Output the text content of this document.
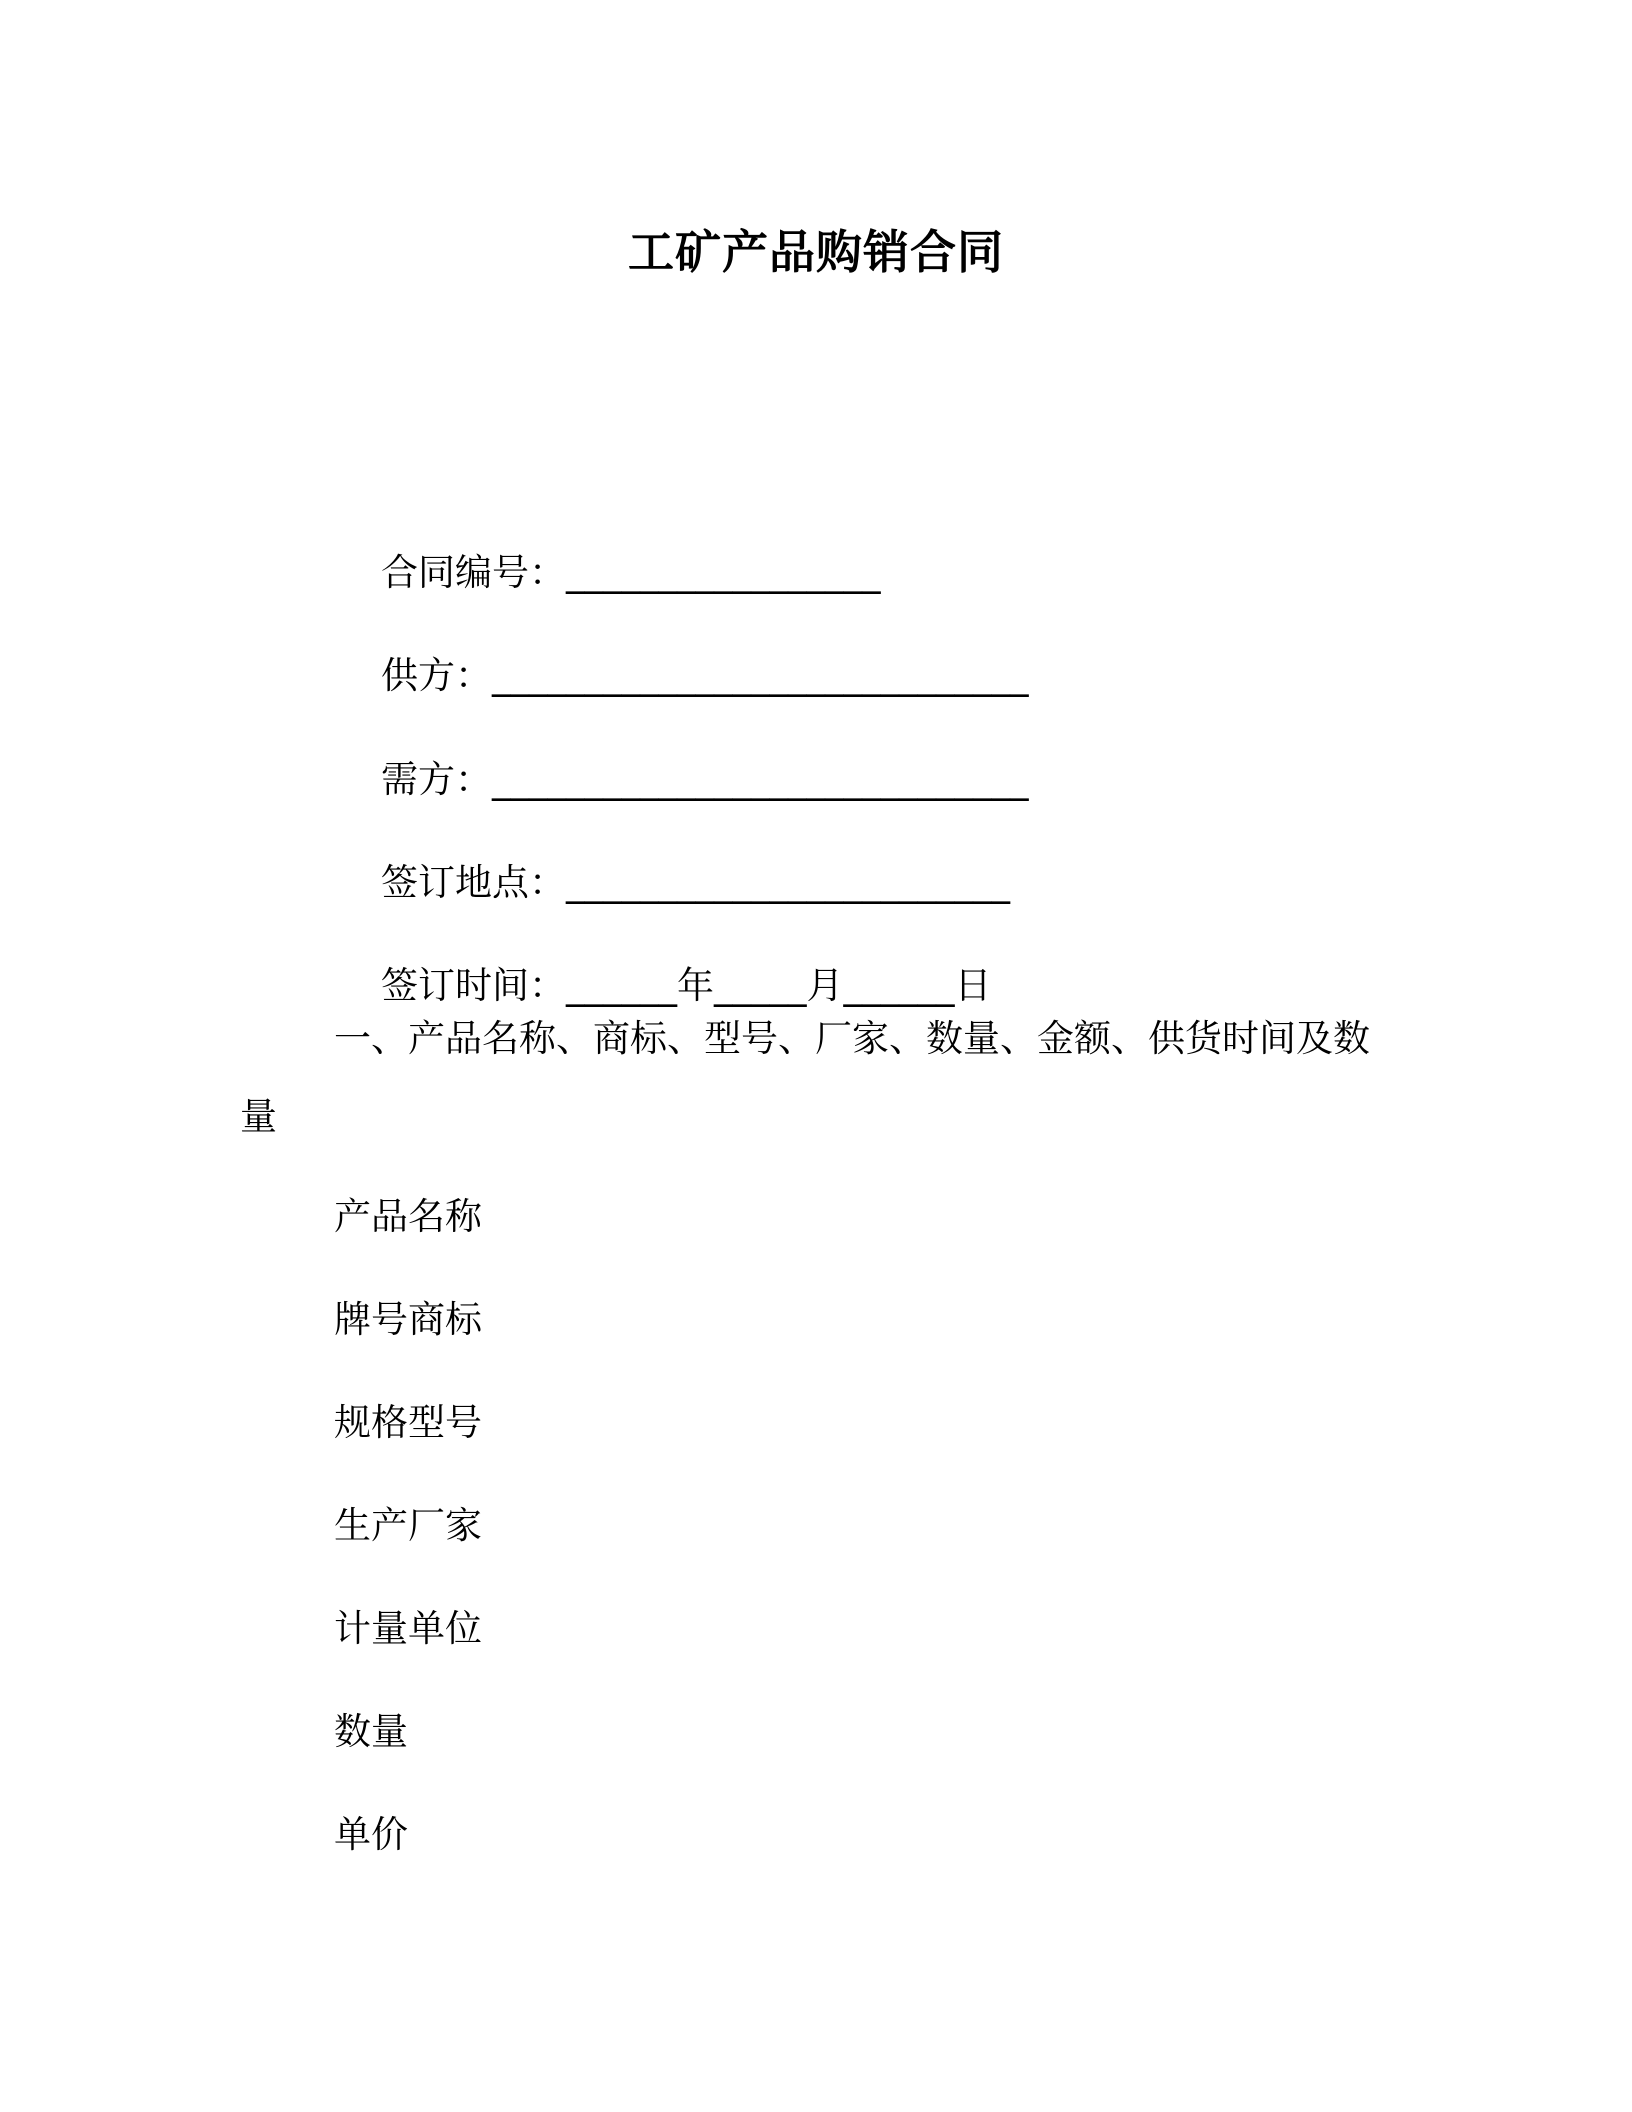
工矿产品购销合同

合同编号：_________________

供方：_____________________________

需方：_____________________________

签订地点：________________________

签订时间：______年_____月______日

一、产品名称、商标、型号、厂家、数量、金额、供货时间及数量
产品名称
牌号商标
规格型号
生产厂家
计量单位
数量
单价
